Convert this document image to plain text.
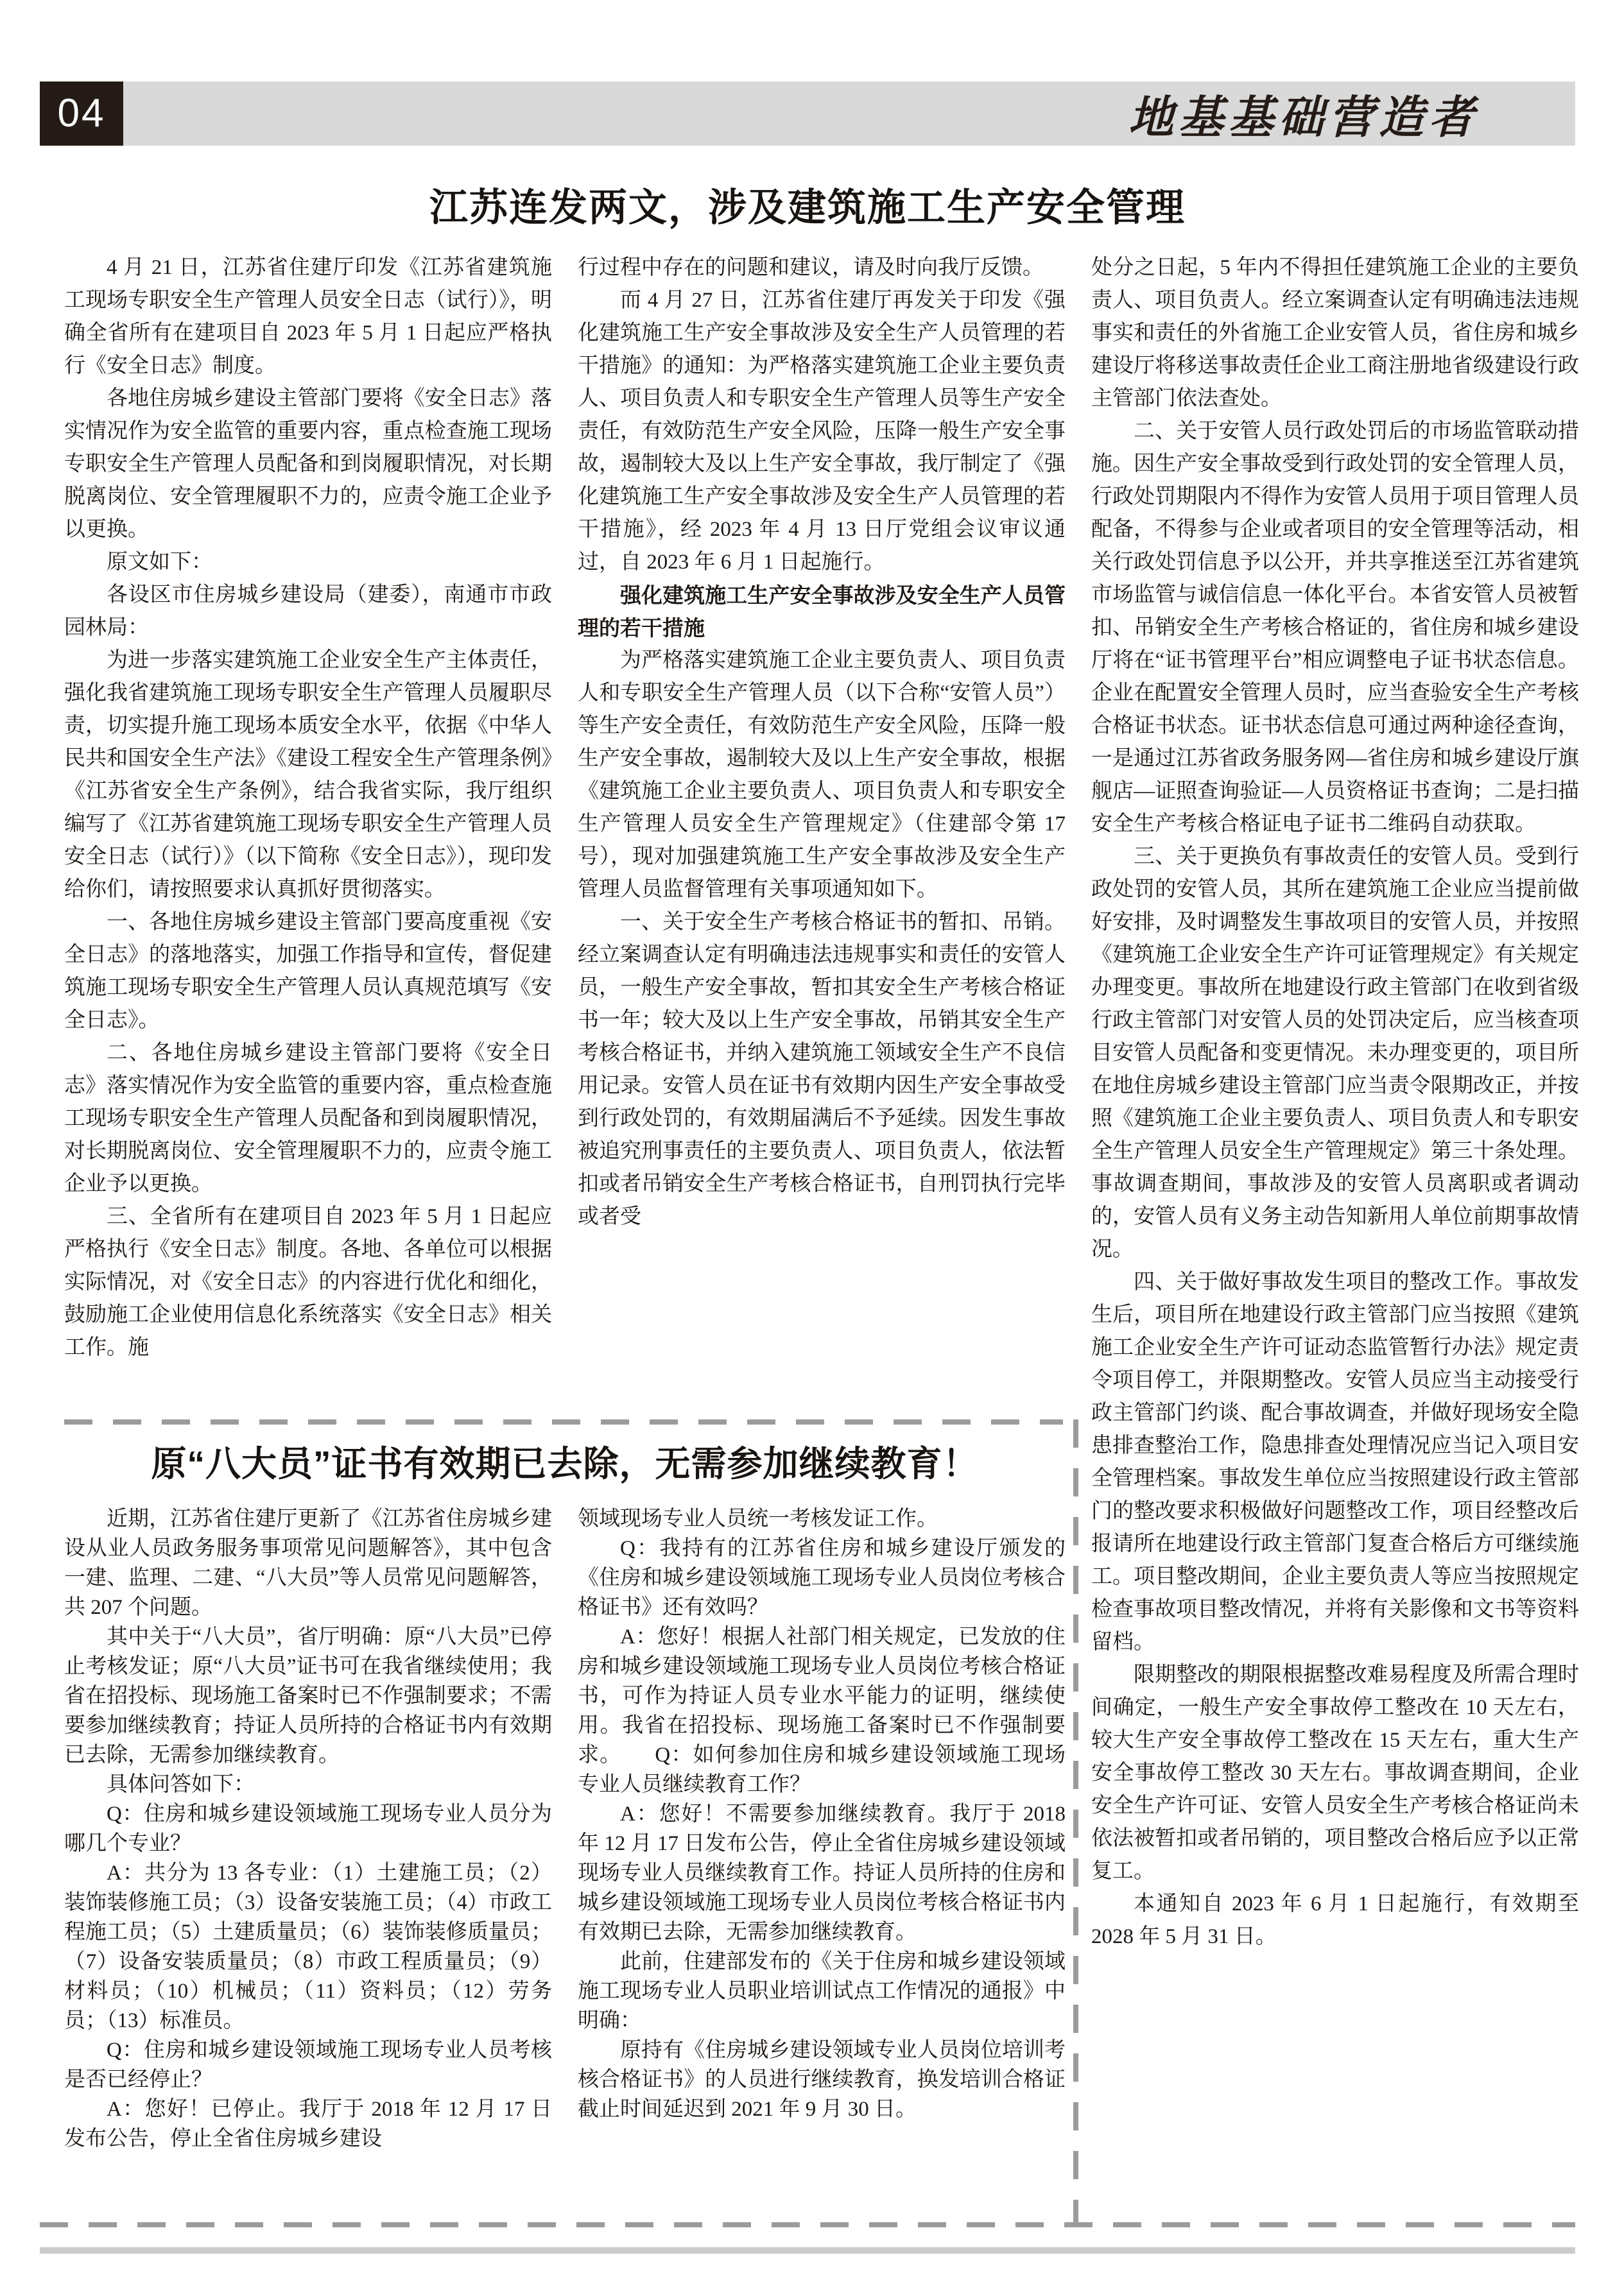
04	地基基础营造者
江苏连发两文，涉及建筑施工生产安全管理

4 月 21 日，江苏省住建厅印发《江苏省建筑施工现场专职安全生产管理人员安全日志（试行）》，明确全省所有在建项目自 2023 年 5 月 1 日起应严格执行《安全日志》制度。

各地住房城乡建设主管部门要将《安全日志》落实情况作为安全监管的重要内容，重点检查施工现场专职安全生产管理人员配备和到岗履职情况，对长期脱离岗位、安全管理履职不力的，应责令施工企业予以更换。

原文如下：

各设区市住房城乡建设局（建委），南通市市政园林局：

为进一步落实建筑施工企业安全生产主体责任，强化我省建筑施工现场专职安全生产管理人员履职尽责，切实提升施工现场本质安全水平，依据《中华人民共和国安全生产法》《建设工程安全生产管理条例》《江苏省安全生产条例》，结合我省实际，我厅组织编写了《江苏省建筑施工现场专职安全生产管理人员安全日志（试行）》（以下简称《安全日志》），现印发给你们，请按照要求认真抓好贯彻落实。

一、各地住房城乡建设主管部门要高度重视《安全日志》的落地落实，加强工作指导和宣传，督促建筑施工现场专职安全生产管理人员认真规范填写《安全日志》。

二、各地住房城乡建设主管部门要将《安全日志》落实情况作为安全监管的重要内容，重点检查施工现场专职安全生产管理人员配备和到岗履职情况，对长期脱离岗位、安全管理履职不力的，应责令施工企业予以更换。

三、全省所有在建项目自 2023 年 5 月 1 日起应严格执行《安全日志》制度。各地、各单位可以根据实际情况，对《安全日志》的内容进行优化和细化，鼓励施工企业使用信息化系统落实《安全日志》相关工作。施

行过程中存在的问题和建议，请及时向我厅反馈。

而 4 月 27 日，江苏省住建厅再发关于印发《强化建筑施工生产安全事故涉及安全生产人员管理的若干措施》的通知：为严格落实建筑施工企业主要负责人、项目负责人和专职安全生产管理人员等生产安全责任，有效防范生产安全风险，压降一般生产安全事故，遏制较大及以上生产安全事故，我厅制定了《强化建筑施工生产安全事故涉及安全生产人员管理的若干措施》，经 2023 年 4 月 13 日厅党组会议审议通过，自 2023 年 6 月 1 日起施行。

强化建筑施工生产安全事故涉及安全生产人员管理的若干措施

为严格落实建筑施工企业主要负责人、项目负责人和专职安全生产管理人员（以下合称“安管人员”）等生产安全责任，有效防范生产安全风险，压降一般生产安全事故，遏制较大及以上生产安全事故，根据《建筑施工企业主要负责人、项目负责人和专职安全生产管理人员安全生产管理规定》（住建部令第 17 号），现对加强建筑施工生产安全事故涉及安全生产管理人员监督管理有关事项通知如下。

一、关于安全生产考核合格证书的暂扣、吊销。经立案调查认定有明确违法违规事实和责任的安管人员，一般生产安全事故，暂扣其安全生产考核合格证书一年；较大及以上生产安全事故，吊销其安全生产考核合格证书，并纳入建筑施工领域安全生产不良信用记录。安管人员在证书有效期内因生产安全事故受到行政处罚的，有效期届满后不予延续。因发生事故被追究刑事责任的主要负责人、项目负责人，依法暂扣或者吊销安全生产考核合格证书，自刑罚执行完毕或者受

处分之日起，5 年内不得担任建筑施工企业的主要负责人、项目负责人。经立案调查认定有明确违法违规事实和责任的外省施工企业安管人员，省住房和城乡建设厅将移送事故责任企业工商注册地省级建设行政主管部门依法查处。

二、关于安管人员行政处罚后的市场监管联动措施。因生产安全事故受到行政处罚的安全管理人员，行政处罚期限内不得作为安管人员用于项目管理人员配备，不得参与企业或者项目的安全管理等活动，相关行政处罚信息予以公开，并共享推送至江苏省建筑市场监管与诚信信息一体化平台。本省安管人员被暂扣、吊销安全生产考核合格证的，省住房和城乡建设厅将在“证书管理平台”相应调整电子证书状态信息。企业在配置安全管理人员时，应当查验安全生产考核合格证书状态。证书状态信息可通过两种途径查询，一是通过江苏省政务服务网—省住房和城乡建设厅旗舰店—证照查询验证—人员资格证书查询；二是扫描安全生产考核合格证电子证书二维码自动获取。

三、关于更换负有事故责任的安管人员。受到行政处罚的安管人员，其所在建筑施工企业应当提前做好安排，及时调整发生事故项目的安管人员，并按照《建筑施工企业安全生产许可证管理规定》有关规定办理变更。事故所在地建设行政主管部门在收到省级行政主管部门对安管人员的处罚决定后，应当核查项目安管人员配备和变更情况。未办理变更的，项目所在地住房城乡建设主管部门应当责令限期改正，并按照《建筑施工企业主要负责人、项目负责人和专职安全生产管理人员安全生产管理规定》第三十条处理。事故调查期间，事故涉及的安管人员离职或者调动的，安管人员有义务主动告知新用人单位前期事故情况。

四、关于做好事故发生项目的整改工作。事故发生后，项目所在地建设行政主管部门应当按照《建筑施工企业安全生产许可证动态监管暂行办法》规定责令项目停工，并限期整改。安管人员应当主动接受行政主管部门约谈、配合事故调查，并做好现场安全隐患排查整治工作，隐患排查处理情况应当记入项目安全管理档案。事故发生单位应当按照建设行政主管部门的整改要求积极做好问题整改工作，项目经整改后报请所在地建设行政主管部门复查合格后方可继续施工。项目整改期间，企业主要负责人等应当按照规定检查事故项目整改情况，并将有关影像和文书等资料留档。

限期整改的期限根据整改难易程度及所需合理时间确定，一般生产安全事故停工整改在 10 天左右，较大生产安全事故停工整改在 15 天左右，重大生产安全事故停工整改 30 天左右。事故调查期间，企业安全生产许可证、安管人员安全生产考核合格证尚未依法被暂扣或者吊销的，项目整改合格后应予以正常复工。

本通知自 2023 年 6 月 1 日起施行，有效期至 2028 年 5 月 31 日。

原“八大员”证书有效期已去除，无需参加继续教育！

近期，江苏省住建厅更新了《江苏省住房城乡建设从业人员政务服务事项常见问题解答》，其中包含一建、监理、二建、“八大员”等人员常见问题解答，共 207 个问题。

其中关于“八大员”，省厅明确：原“八大员”已停止考核发证；原“八大员”证书可在我省继续使用；我省在招投标、现场施工备案时已不作强制要求；不需要参加继续教育；持证人员所持的合格证书内有效期已去除，无需参加继续教育。

具体问答如下：

Q：住房和城乡建设领域施工现场专业人员分为哪几个专业？

A：共分为 13 各专业：（1）土建施工员；（2）装饰装修施工员；（3）设备安装施工员；（4）市政工程施工员；（5）土建质量员；（6）装饰装修质量员；（7）设备安装质量员；（8）市政工程质量员；（9）材料员；（10）机械员；（11）资料员；（12）劳务员；（13）标准员。

Q：住房和城乡建设领域施工现场专业人员考核是否已经停止？

A：您好！已停止。我厅于 2018 年 12 月 17 日发布公告，停止全省住房城乡建设

领域现场专业人员统一考核发证工作。

Q：我持有的江苏省住房和城乡建设厅颁发的《住房和城乡建设领域施工现场专业人员岗位考核合格证书》还有效吗？

A：您好！根据人社部门相关规定，已发放的住房和城乡建设领域施工现场专业人员岗位考核合格证书，可作为持证人员专业水平能力的证明，继续使用。我省在招投标、现场施工备案时已不作强制要求。　　Q：如何参加住房和城乡建设领域施工现场专业人员继续教育工作？

A：您好！不需要参加继续教育。我厅于 2018 年 12 月 17 日发布公告，停止全省住房城乡建设领域现场专业人员继续教育工作。持证人员所持的住房和城乡建设领域施工现场专业人员岗位考核合格证书内有效期已去除，无需参加继续教育。

此前，住建部发布的《关于住房和城乡建设领域施工现场专业人员职业培训试点工作情况的通报》中明确：

原持有《住房城乡建设领域专业人员岗位培训考核合格证书》的人员进行继续教育，换发培训合格证截止时间延迟到 2021 年 9 月 30 日。
